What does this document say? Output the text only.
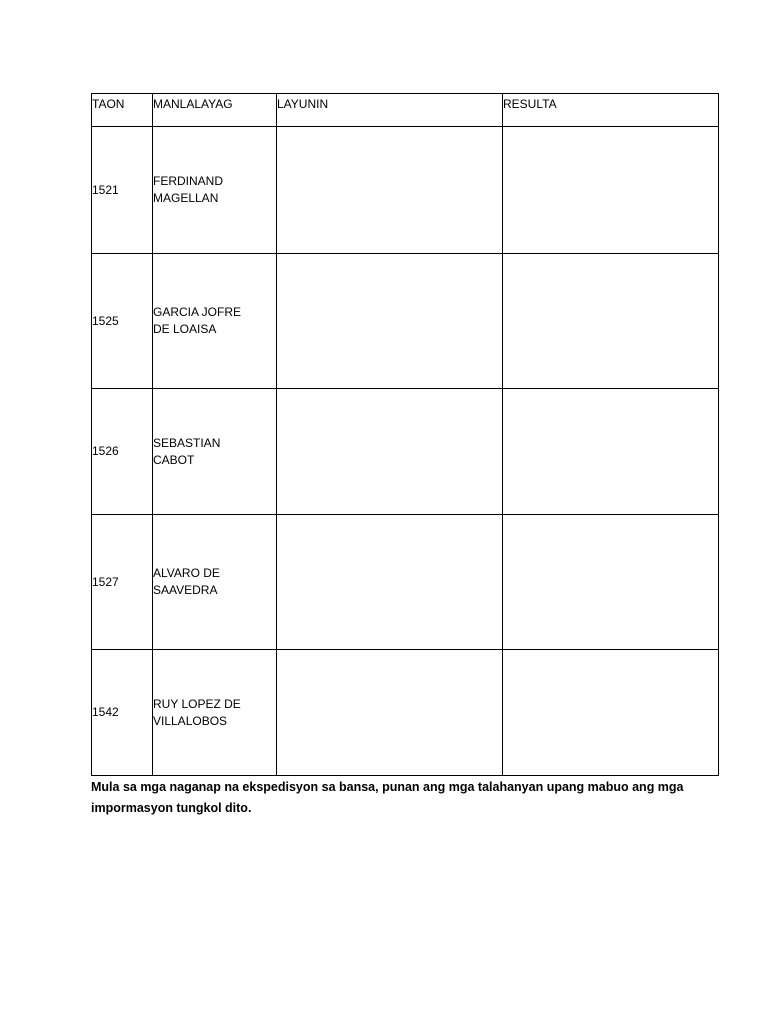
TAON	MANLALAYAG	LAYUNIN	RESULTA
1521	FERDINAND MAGELLAN		

1525	GARCIA JOFRE DE LOAISA		

1526	SEBASTIAN CABOT		

1527	ALVARO DE SAAVEDRA		

1542	RUY LOPEZ DE VILLALOBOS		

Mula sa mga naganap na ekspedisyon sa bansa, punan ang mga talahanyan upang mabuo ang mga impormasyon tungkol dito.
